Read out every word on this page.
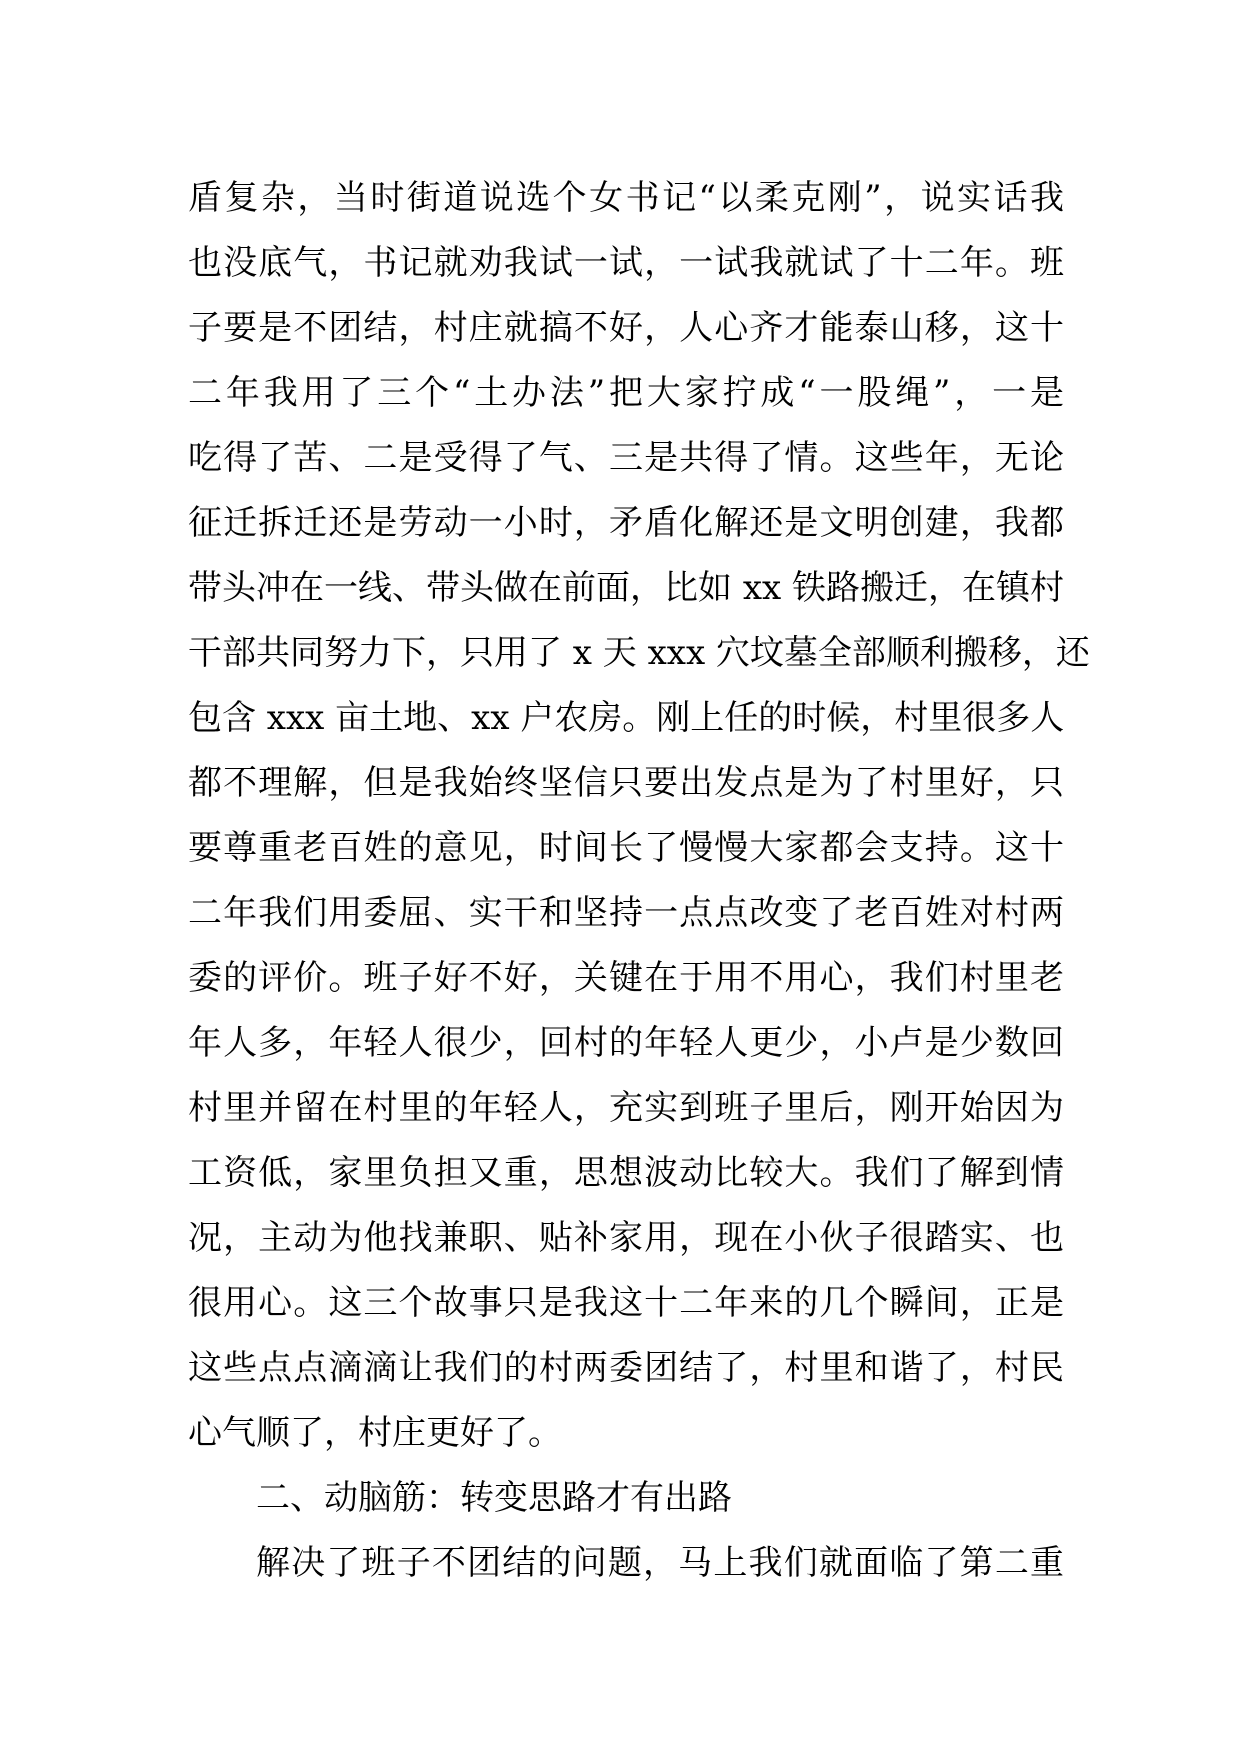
盾复杂，当时街道说选个女书记“以柔克刚”，说实话我
也没底气，书记就劝我试一试，一试我就试了十二年。班
子要是不团结，村庄就搞不好，人心齐才能泰山移，这十
二年我用了三个“土办法”把大家拧成“一股绳”，一是
吃得了苦、二是受得了气、三是共得了情。这些年，无论
征迁拆迁还是劳动一小时，矛盾化解还是文明创建，我都
带头冲在一线、带头做在前面，比如 xx 铁路搬迁，在镇村
干部共同努力下，只用了 x 天 xxx 穴坟墓全部顺利搬移，还
包含 xxx 亩土地、xx 户农房。刚上任的时候，村里很多人
都不理解，但是我始终坚信只要出发点是为了村里好，只
要尊重老百姓的意见，时间长了慢慢大家都会支持。这十
二年我们用委屈、实干和坚持一点点改变了老百姓对村两
委的评价。班子好不好，关键在于用不用心，我们村里老
年人多，年轻人很少，回村的年轻人更少，小卢是少数回
村里并留在村里的年轻人，充实到班子里后，刚开始因为
工资低，家里负担又重，思想波动比较大。我们了解到情
况，主动为他找兼职、贴补家用，现在小伙子很踏实、也
很用心。这三个故事只是我这十二年来的几个瞬间，正是
这些点点滴滴让我们的村两委团结了，村里和谐了，村民
心气顺了，村庄更好了。
二、动脑筋：转变思路才有出路
解决了班子不团结的问题，马上我们就面临了第二重
